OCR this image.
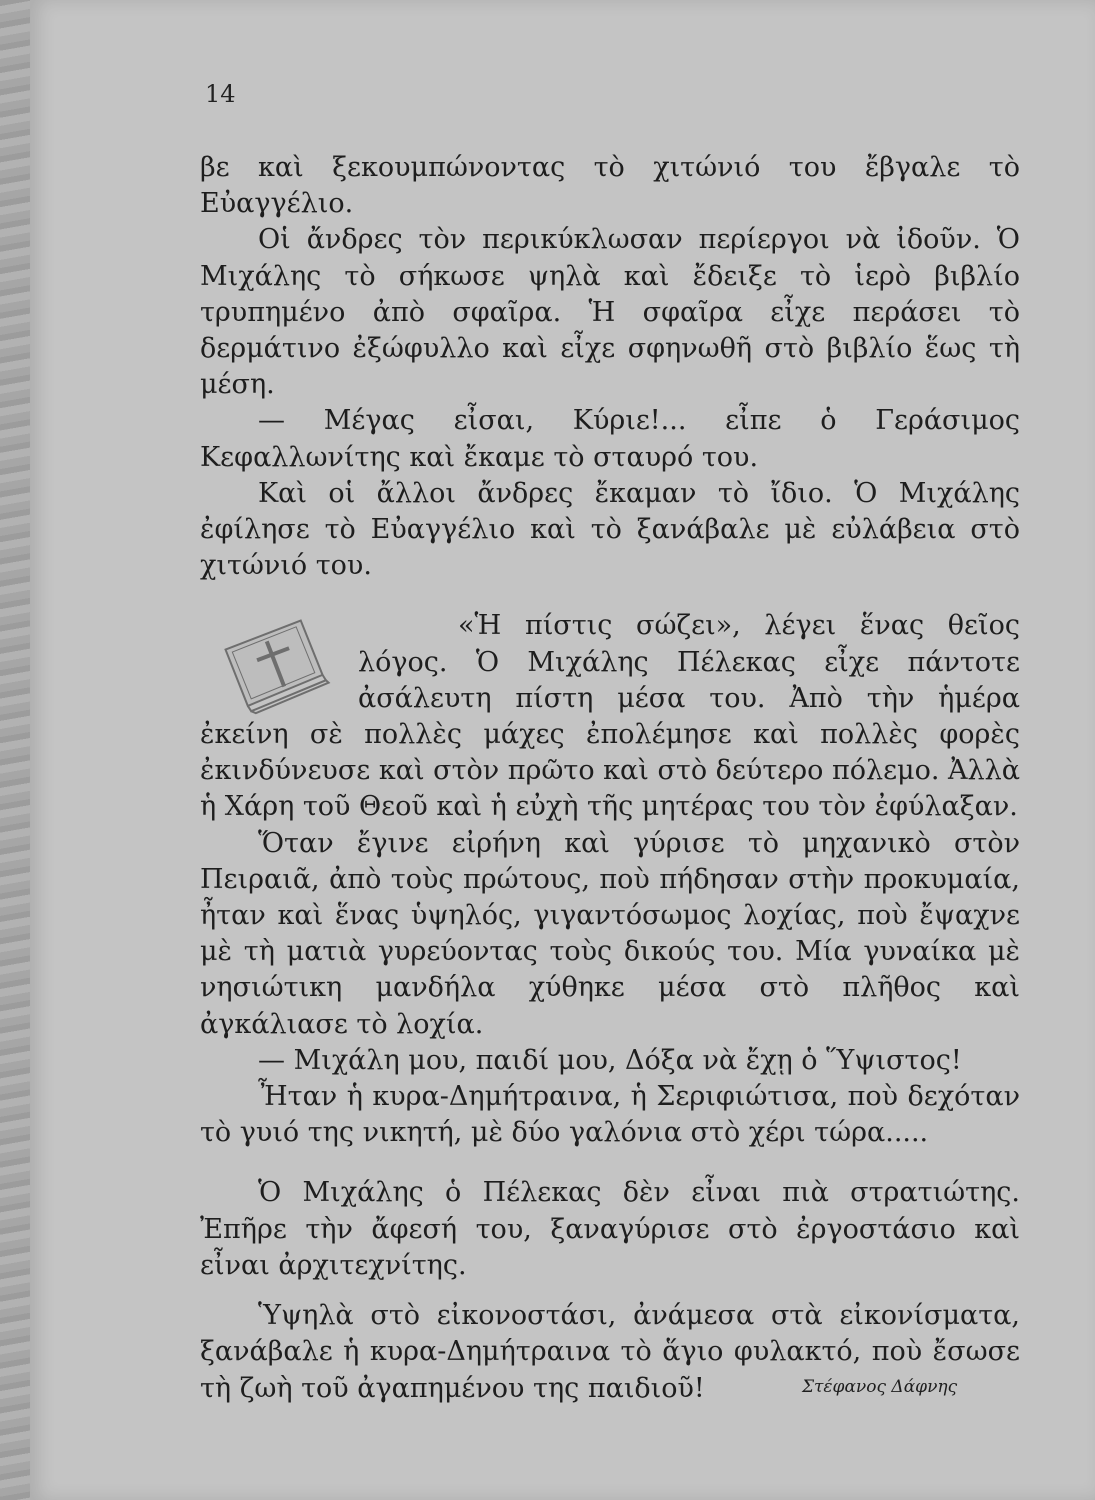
14

βε καὶ ξεκουμπώνοντας τὸ χιτώνιό του ἔβγαλε τὸ Εὐαγγέλιο.

Οἱ ἄνδρες τὸν περικύκλωσαν περίεργοι νὰ ἰδοῦν. Ὁ Μιχάλης τὸ σήκωσε ψηλὰ καὶ ἔδειξε τὸ ἱερὸ βιβλίο τρυπημένο ἀπὸ σφαῖρα. Ἡ σφαῖρα εἶχε περάσει τὸ δερμάτινο ἐξώφυλλο καὶ εἶχε σφηνωθῆ στὸ βιβλίο ἕως τὴ μέση.

— Μέγας εἶσαι, Κύριε!... εἶπε ὁ Γεράσιμος Κεφαλλωνίτης καὶ ἔκαμε τὸ σταυρό του.

Καὶ οἱ ἄλλοι ἄνδρες ἔκαμαν τὸ ἴδιο. Ὁ Μιχάλης ἐφίλησε τὸ Εὐαγγέλιο καὶ τὸ ξανάβαλε μὲ εὐλάβεια στὸ χιτώνιό του.

«Ἡ πίστις σώζει», λέγει ἕνας θεῖος λόγος. Ὁ Μιχάλης Πέλεκας εἶχε πάντοτε ἀσάλευτη πίστη μέσα του. Ἀπὸ τὴν ἡμέρα ἐκείνη σὲ πολλὲς μάχες ἐπολέμησε καὶ πολλὲς φορὲς ἐκινδύνευσε καὶ στὸν πρῶτο καὶ στὸ δεύτερο πόλεμο. Ἀλλὰ ἡ Χάρη τοῦ Θεοῦ καὶ ἡ εὐχὴ τῆς μητέρας του τὸν ἐφύλαξαν.

Ὅταν ἔγινε εἰρήνη καὶ γύρισε τὸ μηχανικὸ στὸν Πειραιᾶ, ἀπὸ τοὺς πρώτους, ποὺ πήδησαν στὴν προκυμαία, ἦταν καὶ ἕνας ὑψηλός, γιγαντόσωμος λοχίας, ποὺ ἔψαχνε μὲ τὴ ματιὰ γυρεύοντας τοὺς δικούς του. Μία γυναίκα μὲ νησιώτικη μανδήλα χύθηκε μέσα στὸ πλῆθος καὶ ἀγκάλιασε τὸ λοχία.

— Μιχάλη μου, παιδί μου, Δόξα νὰ ἔχῃ ὁ Ὕψιστος!

Ἦταν ἡ κυρα-Δημήτραινα, ἡ Σεριφιώτισα, ποὺ δεχόταν τὸ γυιό της νικητή, μὲ δύο γαλόνια στὸ χέρι τώρα.....

Ὁ Μιχάλης ὁ Πέλεκας δὲν εἶναι πιὰ στρατιώτης. Ἐπῆρε τὴν ἄφεσή του, ξαναγύρισε στὸ ἐργοστάσιο καὶ εἶναι ἀρχιτεχνίτης.

Ὑψηλὰ στὸ εἰκονοστάσι, ἀνάμεσα στὰ εἰκονίσματα, ξανάβαλε ἡ κυρα-Δημήτραινα τὸ ἅγιο φυλακτό, ποὺ ἔσωσε τὴ ζωὴ τοῦ ἀγαπημένου της παιδιοῦ!	Στέφανος Δάφνης
